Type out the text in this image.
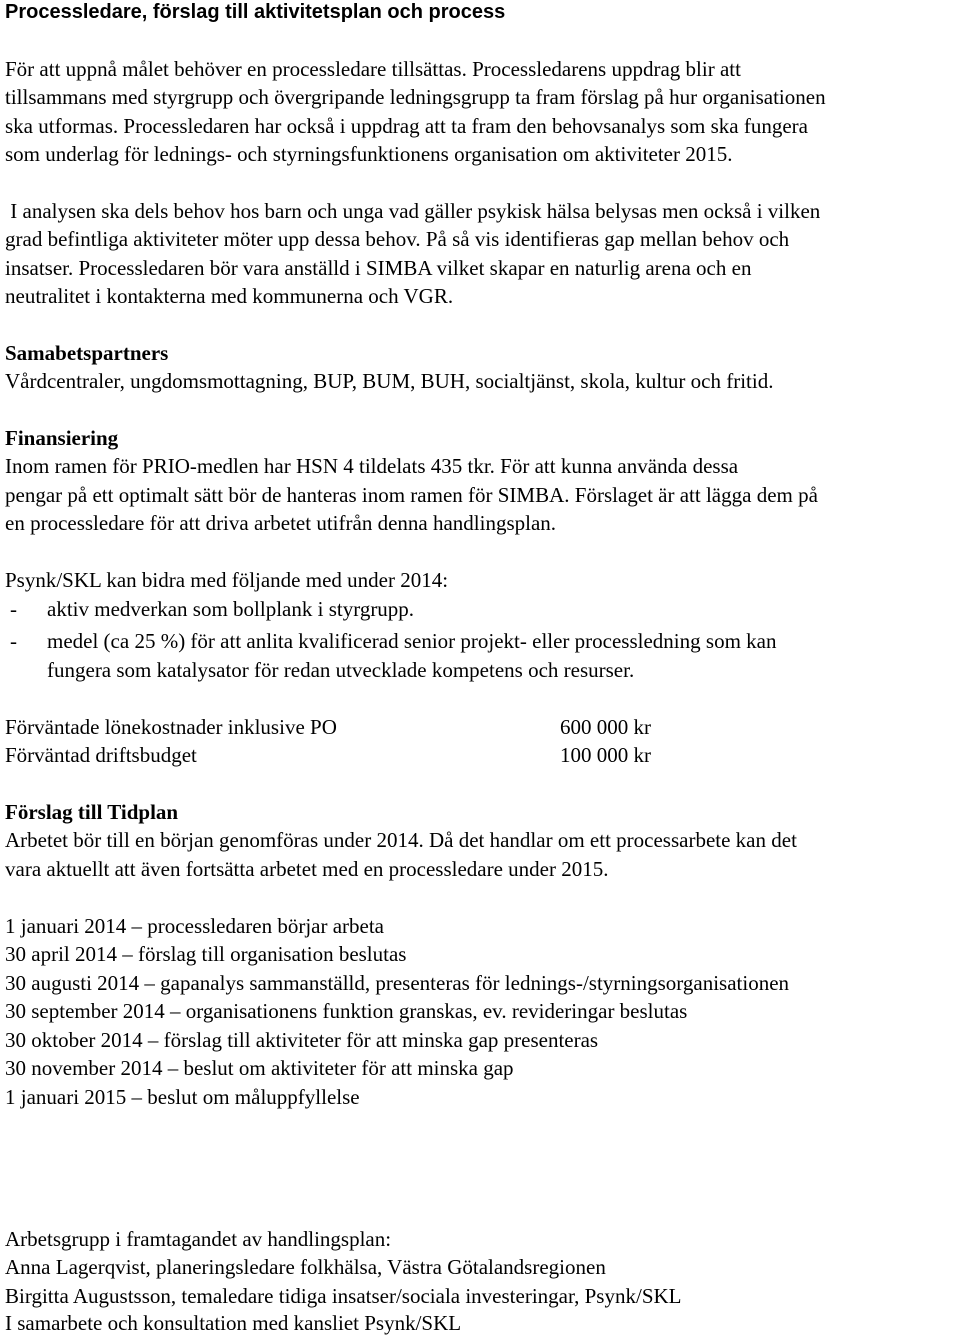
Processledare, förslag till aktivitetsplan och process

För att uppnå målet behöver en processledare tillsättas. Processledarens uppdrag blir att

tillsammans med styrgrupp och övergripande ledningsgrupp ta fram förslag på hur organisationen

ska utformas. Processledaren har också i uppdrag att ta fram den behovsanalys som ska fungera

som underlag för lednings- och styrningsfunktionens organisation om aktiviteter 2015.

I analysen ska dels behov hos barn och unga vad gäller psykisk hälsa belysas men också i vilken

grad befintliga aktiviteter möter upp dessa behov. På så vis identifieras gap mellan behov och

insatser. Processledaren bör vara anställd i SIMBA vilket skapar en naturlig arena och en

neutralitet i kontakterna med kommunerna och VGR.

Samabetspartners

Vårdcentraler, ungdomsmottagning, BUP, BUM, BUH, socialtjänst, skola, kultur och fritid.

Finansiering

Inom ramen för PRIO-medlen har HSN 4 tildelats 435 tkr. För att kunna använda dessa

pengar på ett optimalt sätt bör de hanteras inom ramen för SIMBA. Förslaget är att lägga dem på

en processledare för att driva arbetet utifrån denna handlingsplan.

Psynk/SKL kan bidra med följande med under 2014:

- aktiv medverkan som bollplank i styrgrupp.

- medel (ca 25 %) för att anlita kvalificerad senior projekt- eller processledning som kan

fungera som katalysator för redan utvecklade kompetens och resurser.

Förväntade lönekostnader inklusive PO	600 000 kr

Förväntad driftsbudget	100 000 kr

Förslag till Tidplan

Arbetet bör till en början genomföras under 2014. Då det handlar om ett processarbete kan det

vara aktuellt att även fortsätta arbetet med en processledare under 2015.

1 januari 2014 – processledaren börjar arbeta

30 april 2014 – förslag till organisation beslutas

30 augusti 2014 – gapanalys sammanställd, presenteras för lednings-/styrningsorganisationen

30 september 2014 – organisationens funktion granskas, ev. revideringar beslutas

30 oktober 2014 – förslag till aktiviteter för att minska gap presenteras

30 november 2014 – beslut om aktiviteter för att minska gap

1 januari 2015 – beslut om måluppfyllelse

Arbetsgrupp i framtagandet av handlingsplan:

Anna Lagerqvist, planeringsledare folkhälsa, Västra Götalandsregionen

Birgitta Augustsson, temaledare tidiga insatser/sociala investeringar, Psynk/SKL

I samarbete och konsultation med kansliet Psynk/SKL
